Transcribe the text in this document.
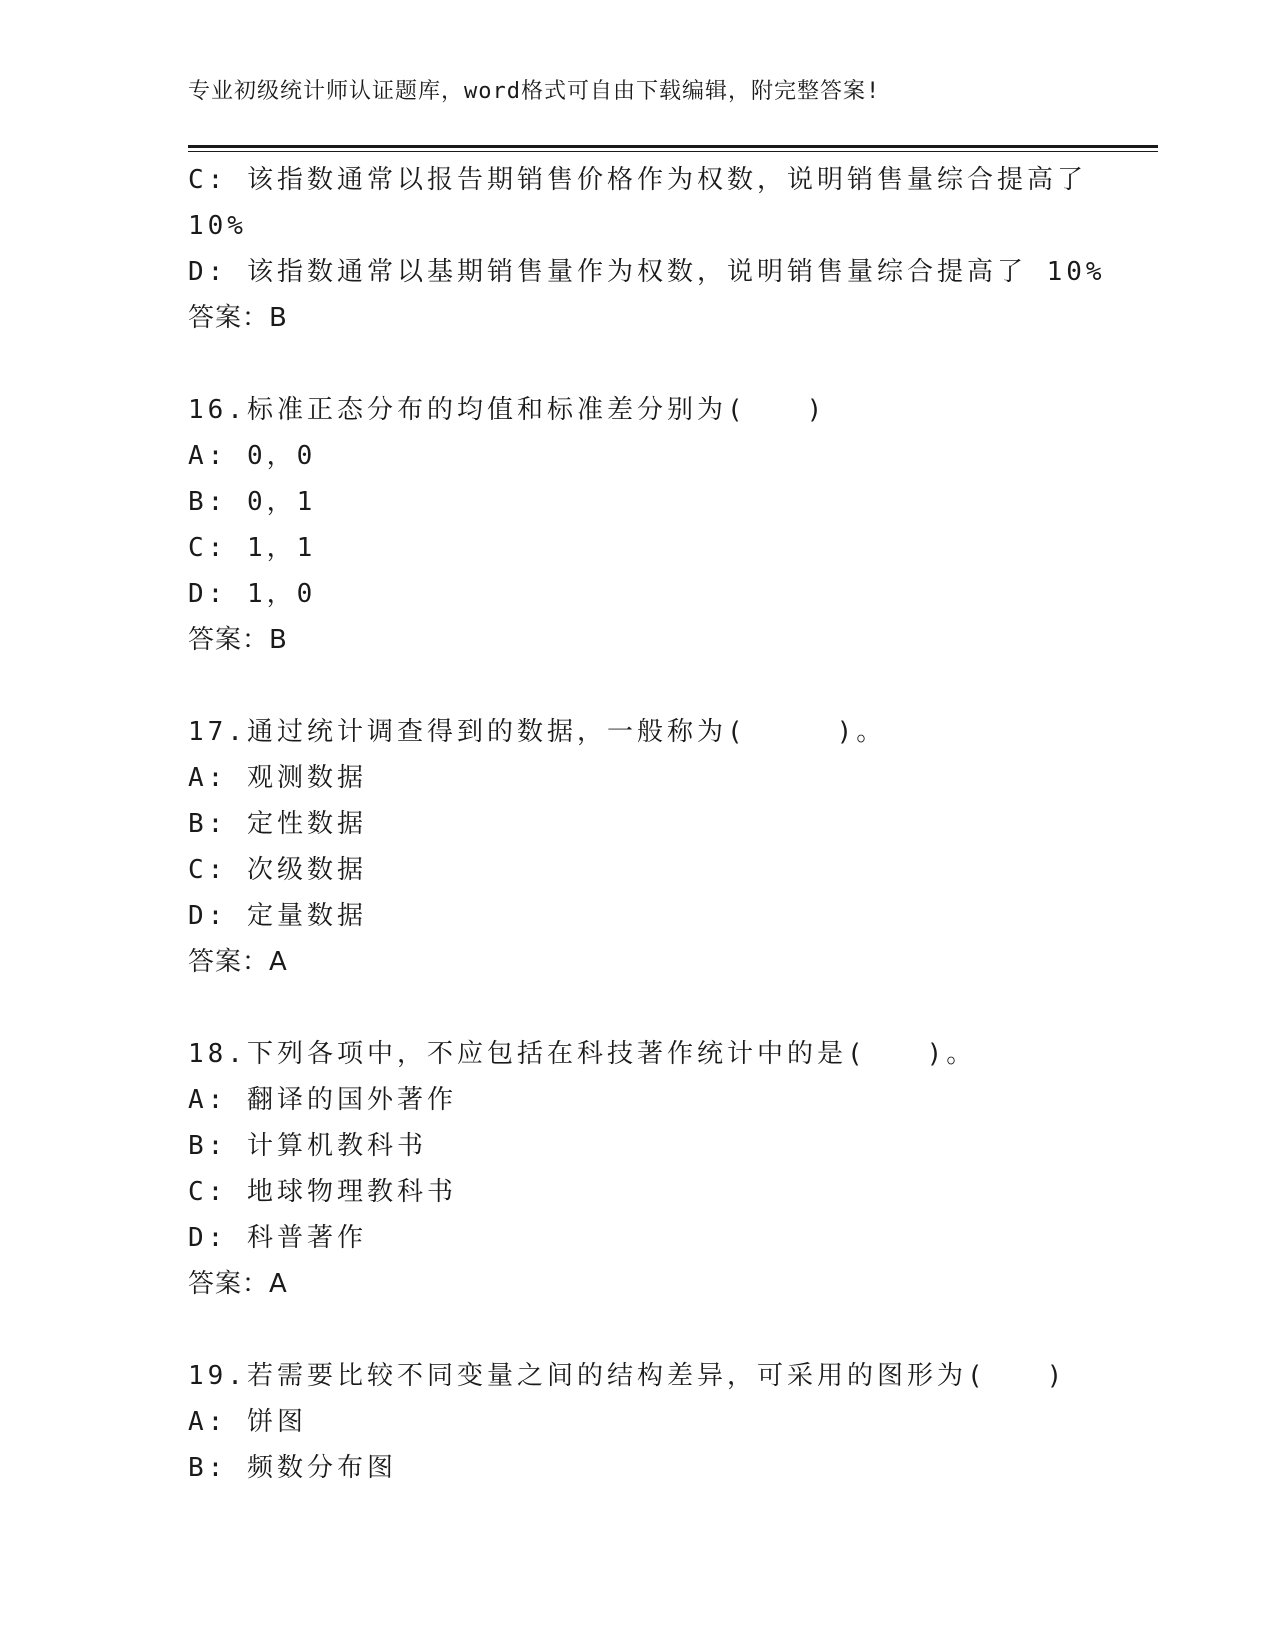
专业初级统计师认证题库，word格式可自由下载编辑，附完整答案!
C: 该指数通常以报告期销售价格作为权数，说明销售量综合提高了
10%
D: 该指数通常以基期销售量作为权数，说明销售量综合提高了 10%
答案：B
16.标准正态分布的均值和标准差分别为(　　)
A: 0，0
B: 0，1
C: 1，1
D: 1，0
答案：B
17.通过统计调查得到的数据，一般称为(　　　)。
A: 观测数据
B: 定性数据
C: 次级数据
D: 定量数据
答案：A
18.下列各项中，不应包括在科技著作统计中的是(　　)。
A: 翻译的国外著作
B: 计算机教科书
C: 地球物理教科书
D: 科普著作
答案：A
19.若需要比较不同变量之间的结构差异，可采用的图形为(　　)
A: 饼图
B: 频数分布图
